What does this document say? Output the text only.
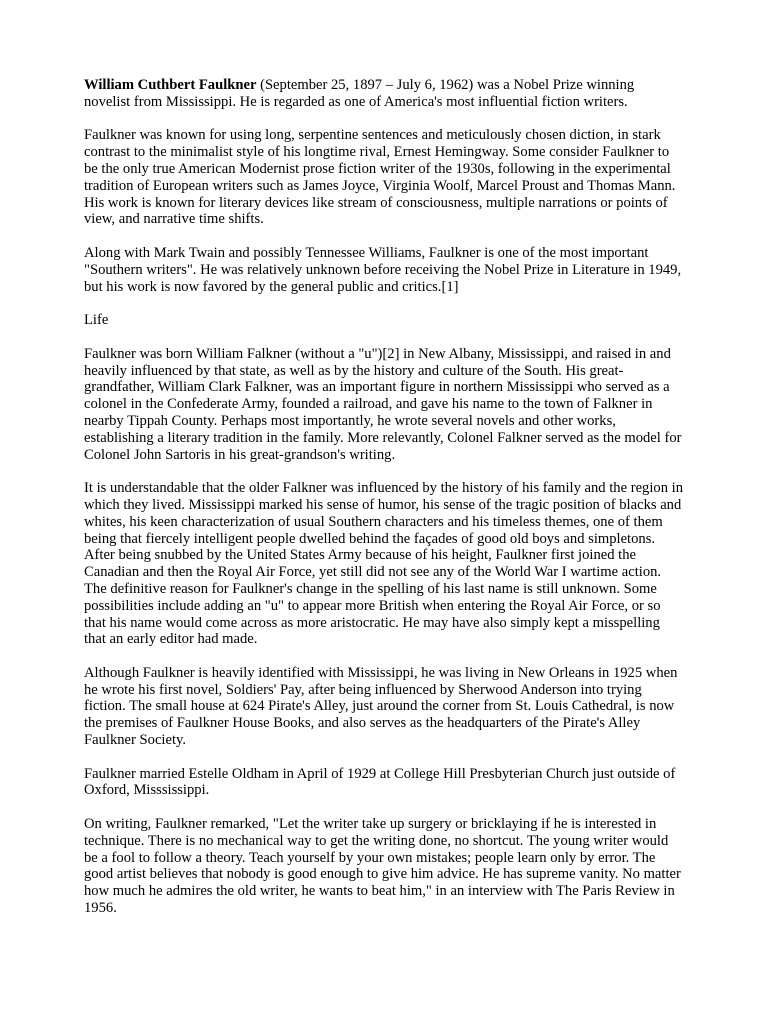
William Cuthbert Faulkner (September 25, 1897 – July 6, 1962) was a Nobel Prize winning novelist from Mississippi. He is regarded as one of America's most influential fiction writers.

Faulkner was known for using long, serpentine sentences and meticulously chosen diction, in stark contrast to the minimalist style of his longtime rival, Ernest Hemingway. Some consider Faulkner to be the only true American Modernist prose fiction writer of the 1930s, following in the experimental tradition of European writers such as James Joyce, Virginia Woolf, Marcel Proust and Thomas Mann. His work is known for literary devices like stream of consciousness, multiple narrations or points of view, and narrative time shifts.

Along with Mark Twain and possibly Tennessee Williams, Faulkner is one of the most important "Southern writers". He was relatively unknown before receiving the Nobel Prize in Literature in 1949, but his work is now favored by the general public and critics.[1]

Life

Faulkner was born William Falkner (without a "u")[2] in New Albany, Mississippi, and raised in and heavily influenced by that state, as well as by the history and culture of the South. His great-grandfather, William Clark Falkner, was an important figure in northern Mississippi who served as a colonel in the Confederate Army, founded a railroad, and gave his name to the town of Falkner in nearby Tippah County. Perhaps most importantly, he wrote several novels and other works, establishing a literary tradition in the family. More relevantly, Colonel Falkner served as the model for Colonel John Sartoris in his great-grandson's writing.

It is understandable that the older Falkner was influenced by the history of his family and the region in which they lived. Mississippi marked his sense of humor, his sense of the tragic position of blacks and whites, his keen characterization of usual Southern characters and his timeless themes, one of them being that fiercely intelligent people dwelled behind the façades of good old boys and simpletons. After being snubbed by the United States Army because of his height, Faulkner first joined the Canadian and then the Royal Air Force, yet still did not see any of the World War I wartime action. The definitive reason for Faulkner's change in the spelling of his last name is still unknown. Some possibilities include adding an "u" to appear more British when entering the Royal Air Force, or so that his name would come across as more aristocratic. He may have also simply kept a misspelling that an early editor had made.

Although Faulkner is heavily identified with Mississippi, he was living in New Orleans in 1925 when he wrote his first novel, Soldiers' Pay, after being influenced by Sherwood Anderson into trying fiction. The small house at 624 Pirate's Alley, just around the corner from St. Louis Cathedral, is now the premises of Faulkner House Books, and also serves as the headquarters of the Pirate's Alley Faulkner Society.

Faulkner married Estelle Oldham in April of 1929 at College Hill Presbyterian Church just outside of Oxford, Misssissippi.

On writing, Faulkner remarked, "Let the writer take up surgery or bricklaying if he is interested in technique. There is no mechanical way to get the writing done, no shortcut. The young writer would be a fool to follow a theory. Teach yourself by your own mistakes; people learn only by error. The good artist believes that nobody is good enough to give him advice. He has supreme vanity. No matter how much he admires the old writer, he wants to beat him," in an interview with The Paris Review in 1956.
